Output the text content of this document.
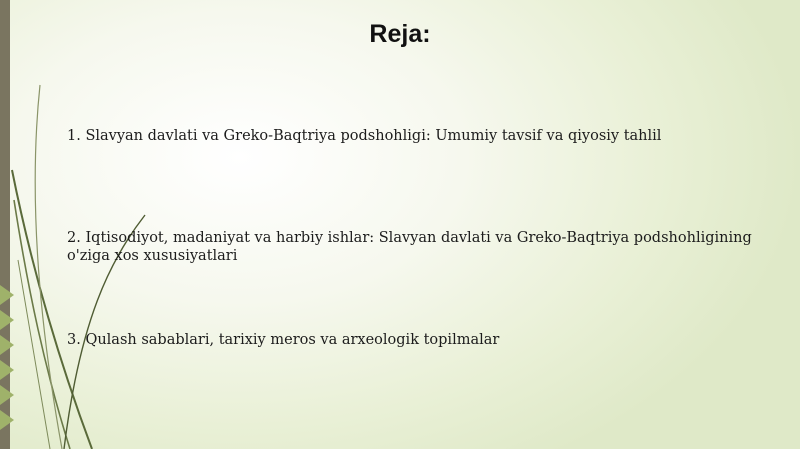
Reja:
1. Slavyan davlati va Greko-Baqtriya podshohligi: Umumiy tavsif va qiyosiy tahlil
2. Iqtisodiyot, madaniyat va harbiy ishlar: Slavyan davlati va Greko-Baqtriya podshohligining o'ziga xos xususiyatlari
3. Qulash sabablari, tarixiy meros va arxeologik topilmalar
